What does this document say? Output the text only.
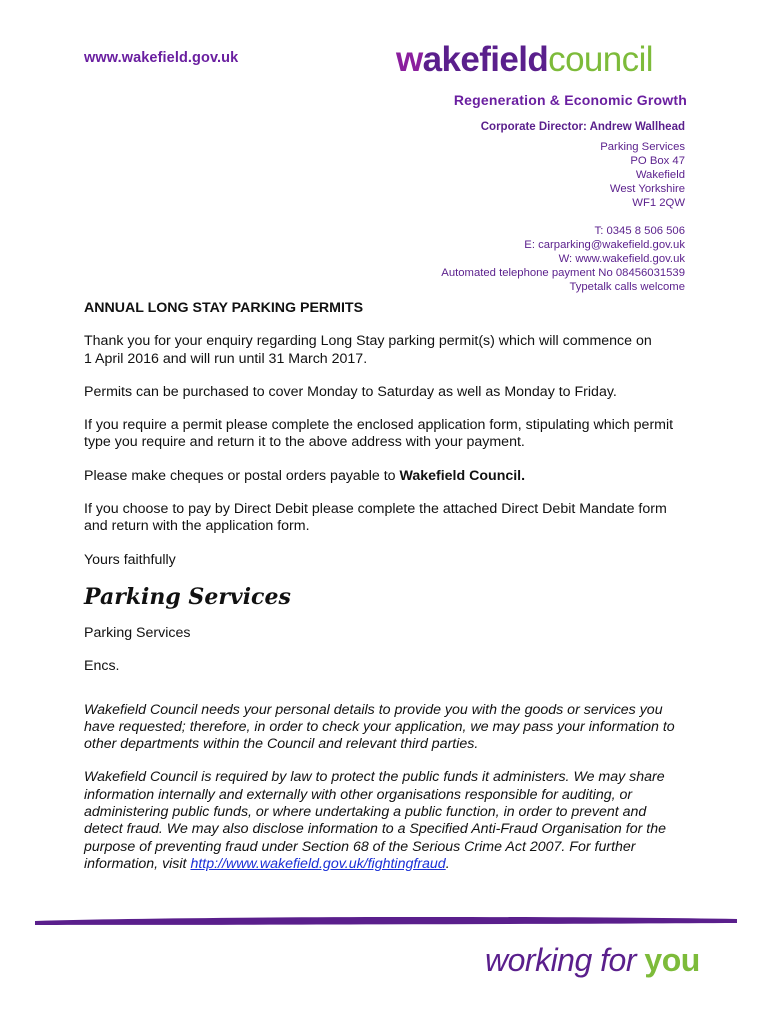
www.wakefield.gov.uk	wakefieldcouncil
Regeneration & Economic Growth
Corporate Director: Andrew Wallhead
Parking Services
PO Box 47
Wakefield
West Yorkshire
WF1 2QW
T: 0345 8 506 506
E: carparking@wakefield.gov.uk
W: www.wakefield.gov.uk
Automated telephone payment No 08456031539
Typetalk calls welcome

ANNUAL LONG STAY PARKING PERMITS

Thank you for your enquiry regarding Long Stay parking permit(s) which will commence on
1 April 2016 and will run until 31 March 2017.

Permits can be purchased to cover Monday to Saturday as well as Monday to Friday.

If you require a permit please complete the enclosed application form, stipulating which permit
type you require and return it to the above address with your payment.

Please make cheques or postal orders payable to Wakefield Council.

If you choose to pay by Direct Debit please complete the attached Direct Debit Mandate form
and return with the application form.

Yours faithfully

Parking Services

Parking Services

Encs.

Wakefield Council needs your personal details to provide you with the goods or services you
have requested; therefore, in order to check your application, we may pass your information to
other departments within the Council and relevant third parties.

Wakefield Council is required by law to protect the public funds it administers. We may share
information internally and externally with other organisations responsible for auditing, or
administering public funds, or where undertaking a public function, in order to prevent and
detect fraud. We may also disclose information to a Specified Anti-Fraud Organisation for the
purpose of preventing fraud under Section 68 of the Serious Crime Act 2007. For further
information, visit http://www.wakefield.gov.uk/fightingfraud.

working for you
